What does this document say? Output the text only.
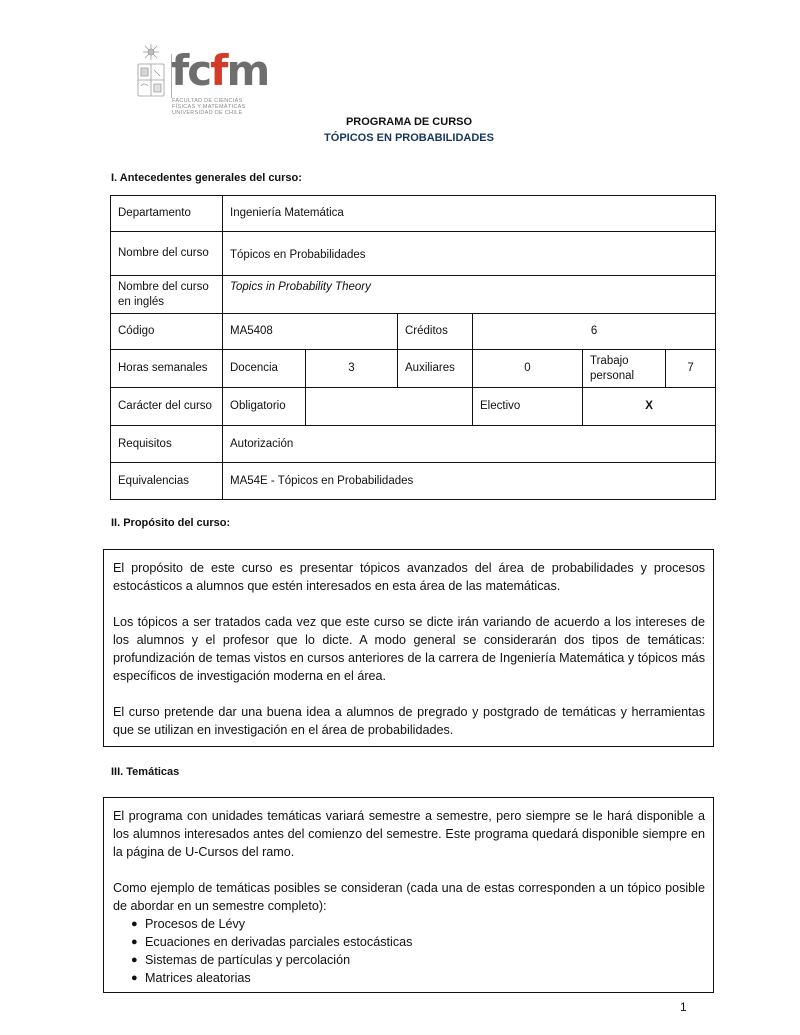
fcfm
FACULTAD DE CIENCIAS
FÍSICAS Y MATEMÁTICAS
UNIVERSIDAD DE CHILE
PROGRAMA DE CURSO
TÓPICOS EN PROBABILIDADES
I. Antecedentes generales del curso:
Departamento	Ingeniería Matemática					
Nombre del curso	Tópicos en Probabilidades					
Nombre del curso en inglés	Topics in Probability Theory					
Código	MA5408		Créditos	6		
Horas semanales	Docencia	3	Auxiliares	0	Trabajo personal	7
Carácter del curso	Obligatorio			Electivo	X	
Requisitos	Autorización					
Equivalencias	MA54E - Tópicos en Probabilidades					
II. Propósito del curso:

El propósito de este curso es presentar tópicos avanzados del área de probabilidades y procesos estocásticos a alumnos que estén interesados en esta área de las matemáticas.

Los tópicos a ser tratados cada vez que este curso se dicte irán variando de acuerdo a los intereses de los alumnos y el profesor que lo dicte. A modo general se considerarán dos tipos de temáticas: profundización de temas vistos en cursos anteriores de la carrera de Ingeniería Matemática y tópicos más específicos de investigación moderna en el área.

El curso pretende dar una buena idea a alumnos de pregrado y postgrado de temáticas y herramientas que se utilizan en investigación en el área de probabilidades.

III. Temáticas

El programa con unidades temáticas variará semestre a semestre, pero siempre se le hará disponible a los alumnos interesados antes del comienzo del semestre. Este programa quedará disponible siempre en la página de U-Cursos del ramo.

Como ejemplo de temáticas posibles se consideran (cada una de estas corresponden a un tópico posible de abordar en un semestre completo):

● Procesos de Lévy
● Ecuaciones en derivadas parciales estocásticas
● Sistemas de partículas y percolación
● Matrices aleatorias
1
